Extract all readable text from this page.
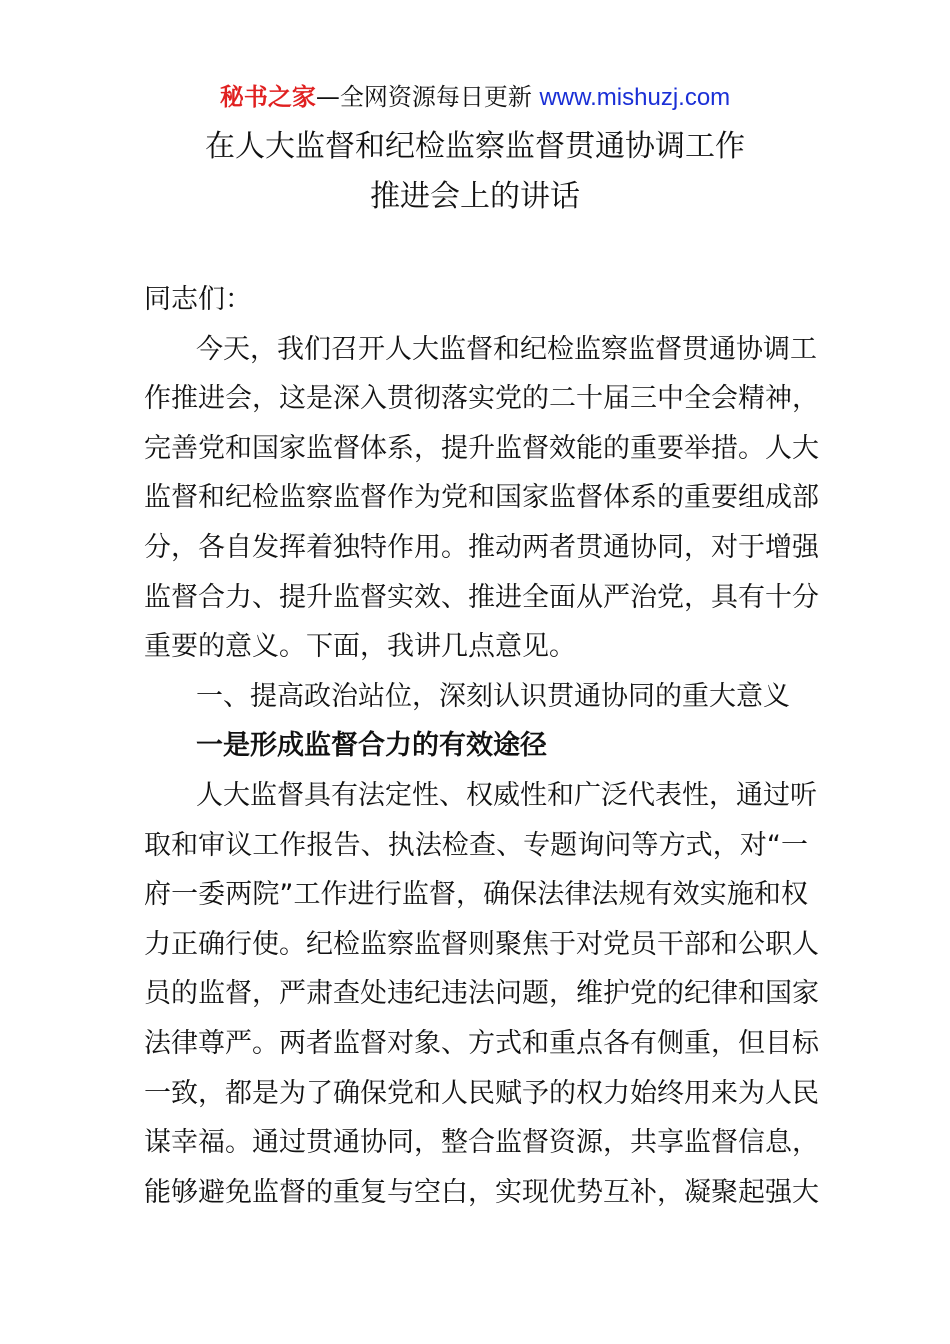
秘书之家—全网资源每日更新 www.mishuzj.com
在人大监督和纪检监察监督贯通协调工作
推进会上的讲话
同志们：
今天，我们召开人大监督和纪检监察监督贯通协调工
作推进会，这是深入贯彻落实党的二十届三中全会精神，
完善党和国家监督体系，提升监督效能的重要举措。人大
监督和纪检监察监督作为党和国家监督体系的重要组成部
分，各自发挥着独特作用。推动两者贯通协同，对于增强
监督合力、提升监督实效、推进全面从严治党，具有十分
重要的意义。下面，我讲几点意见。
一、提高政治站位，深刻认识贯通协同的重大意义
一是形成监督合力的有效途径
人大监督具有法定性、权威性和广泛代表性，通过听
取和审议工作报告、执法检查、专题询问等方式，对“一
府一委两院”工作进行监督，确保法律法规有效实施和权
力正确行使。纪检监察监督则聚焦于对党员干部和公职人
员的监督，严肃查处违纪违法问题，维护党的纪律和国家
法律尊严。两者监督对象、方式和重点各有侧重，但目标
一致，都是为了确保党和人民赋予的权力始终用来为人民
谋幸福。通过贯通协同，整合监督资源，共享监督信息，
能够避免监督的重复与空白，实现优势互补，凝聚起强大
